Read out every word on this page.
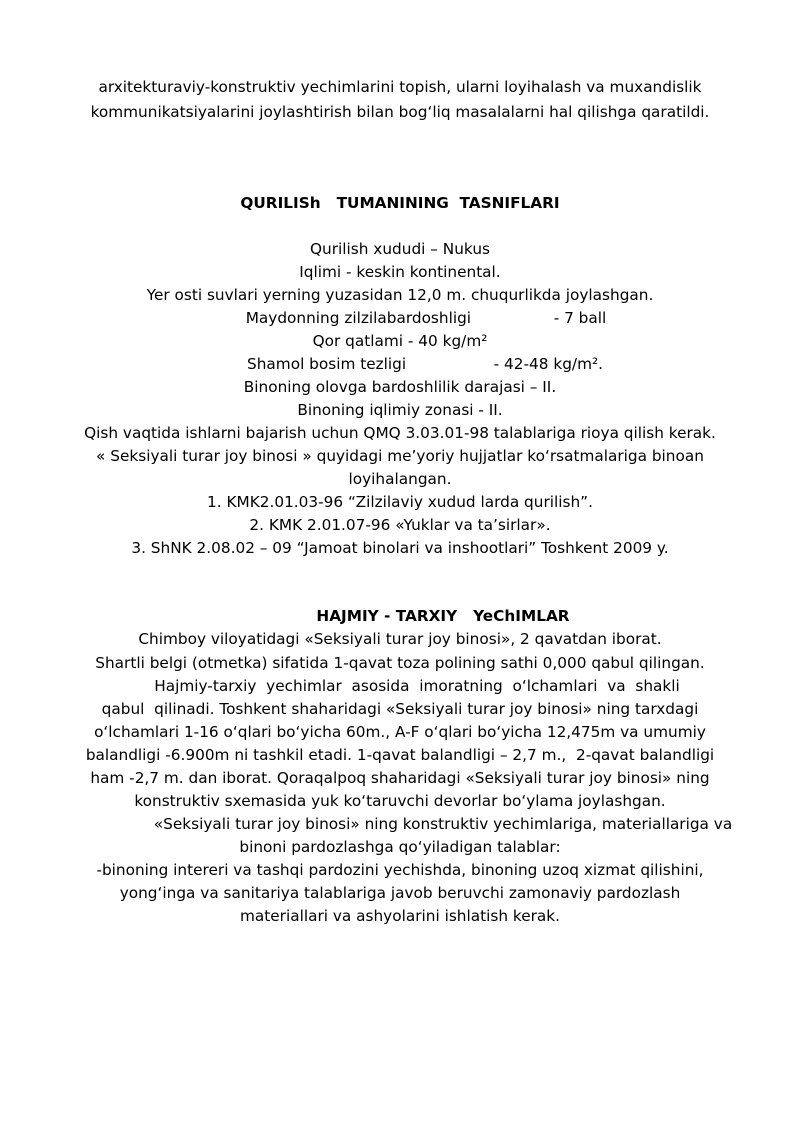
arxitekturaviy-konstruktiv yechimlarini topish, ularni loyihalash va muxandislik
kommunikatsiyalarini joylashtirish bilan bog‘liq masalalarni hal qilishga qaratildi.
QURILISh   TUMANINING  TASNIFLARI
Qurilish xududi – Nukus
Iqlimi - keskin kontinental.
Yer osti suvlari yerning yuzasidan 12,0 m. chuqurlikda joylashgan.
Maydonning zilzilabardoshligi                 - 7 ball
Qor qatlami - 40 kg/m²
Shamol bosim tezligi                  - 42-48 kg/m².
Binoning olovga bardoshlilik darajasi – II.
Binoning iqlimiy zonasi - II.
Qish vaqtida ishlarni bajarish uchun QMQ 3.03.01-98 talablariga rioya qilish kerak.
« Seksiyali turar joy binosi » quyidagi me’yoriy hujjatlar ko‘rsatmalariga binoan
loyihalangan.
1. KMK2.01.03-96 “Zilzilaviy xudud larda qurilish”.
2. KMK 2.01.07-96 «Yuklar va ta’sirlar».
3. ShNK 2.08.02 – 09 “Jamoat binolari va inshootlari” Toshkent 2009 y.
HAJMIY - TARXIY   YeChIMLAR
Chimboy viloyatidagi «Seksiyali turar joy binosi», 2 qavatdan iborat.
Shartli belgi (otmetka) sifatida 1-qavat toza polining sathi 0,000 qabul qilingan.
Hajmiy-tarxiy  yechimlar  asosida  imoratning  o‘lchamlari  va  shakli
qabul  qilinadi. Toshkent shaharidagi «Seksiyali turar joy binosi» ning tarxdagi
o‘lchamlari 1-16 o‘qlari bo‘yicha 60m., A-F o‘qlari bo‘yicha 12,475m va umumiy
balandligi -6.900m ni tashkil etadi. 1-qavat balandligi – 2,7 m.,  2-qavat balandligi
ham -2,7 m. dan iborat. Qoraqalpoq shaharidagi «Seksiyali turar joy binosi» ning
konstruktiv sxemasida yuk ko‘taruvchi devorlar bo‘ylama joylashgan.
«Seksiyali turar joy binosi» ning konstruktiv yechimlariga, materiallariga va
binoni pardozlashga qo‘yiladigan talablar:
-binoning intereri va tashqi pardozini yechishda, binoning uzoq xizmat qilishini,
yong‘inga va sanitariya talablariga javob beruvchi zamonaviy pardozlash
materiallari va ashyolarini ishlatish kerak.
